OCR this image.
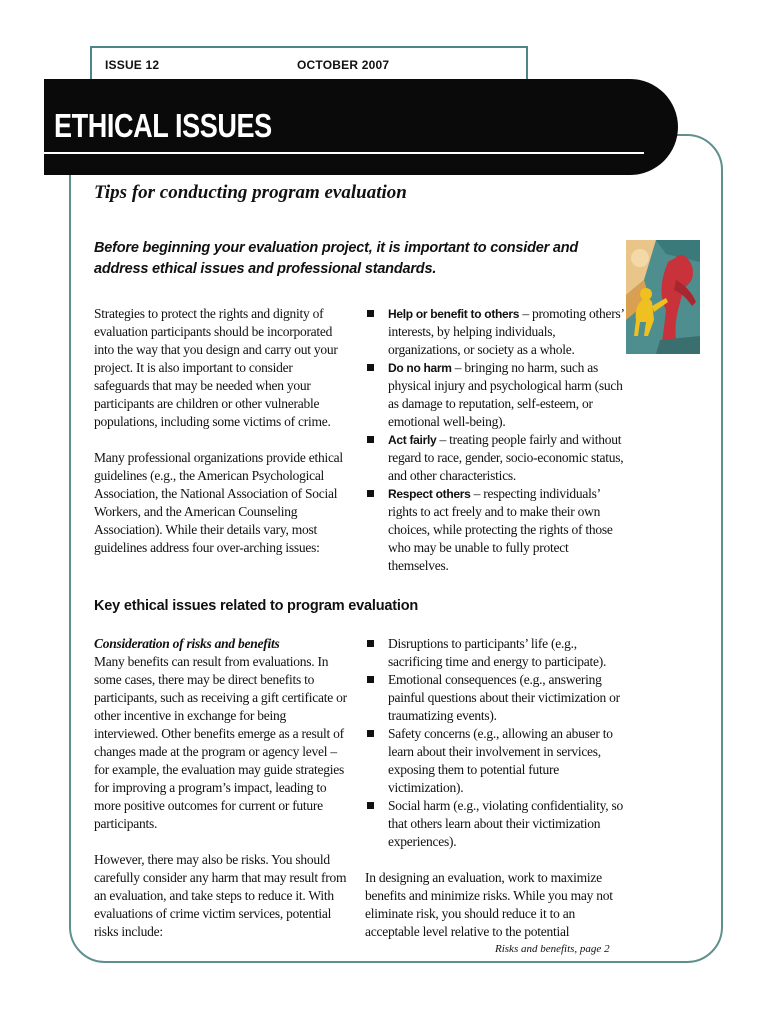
ISSUE 12	OCTOBER 2007
ETHICAL ISSUES
Tips for conducting program evaluation

Before beginning your evaluation project, it is important to consider and address ethical issues and professional standards.

Strategies to protect the rights and dignity of evaluation participants should be incorporated into the way that you design and carry out your project. It is also important to consider safeguards that may be needed when your participants are children or other vulnerable populations, including some victims of crime.

Many professional organizations provide ethical guidelines (e.g., the American Psychological Association, the National Association of Social Workers, and the American Counseling Association). While their details vary, most guidelines address four over-arching issues:

Help or benefit to others – promoting others’ interests, by helping individuals, organizations, or society as a whole.
Do no harm – bringing no harm, such as physical injury and psychological harm (such as damage to reputation, self-esteem, or emotional well-being).
Act fairly – treating people fairly and without regard to race, gender, socio-economic status, and other characteristics.
Respect others – respecting individuals’ rights to act freely and to make their own choices, while protecting the rights of those who may be unable to fully protect themselves.
Key ethical issues related to program evaluation

Consideration of risks and benefits

Many benefits can result from evaluations. In some cases, there may be direct benefits to participants, such as receiving a gift certificate or other incentive in exchange for being interviewed. Other benefits emerge as a result of changes made at the program or agency level – for example, the evaluation may guide strategies for improving a program’s impact, leading to more positive outcomes for current or future participants.

However, there may also be risks. You should carefully consider any harm that may result from an evaluation, and take steps to reduce it. With evaluations of crime victim services, potential risks include:

Disruptions to participants’ life (e.g., sacrificing time and energy to participate).
Emotional consequences (e.g., answering painful questions about their victimization or traumatizing events).
Safety concerns (e.g., allowing an abuser to learn about their involvement in services, exposing them to potential future victimization).
Social harm (e.g., violating confidentiality, so that others learn about their victimization experiences).

In designing an evaluation, work to maximize benefits and minimize risks. While you may not eliminate risk, you should reduce it to an acceptable level relative to the potential

Risks and benefits, page 2
